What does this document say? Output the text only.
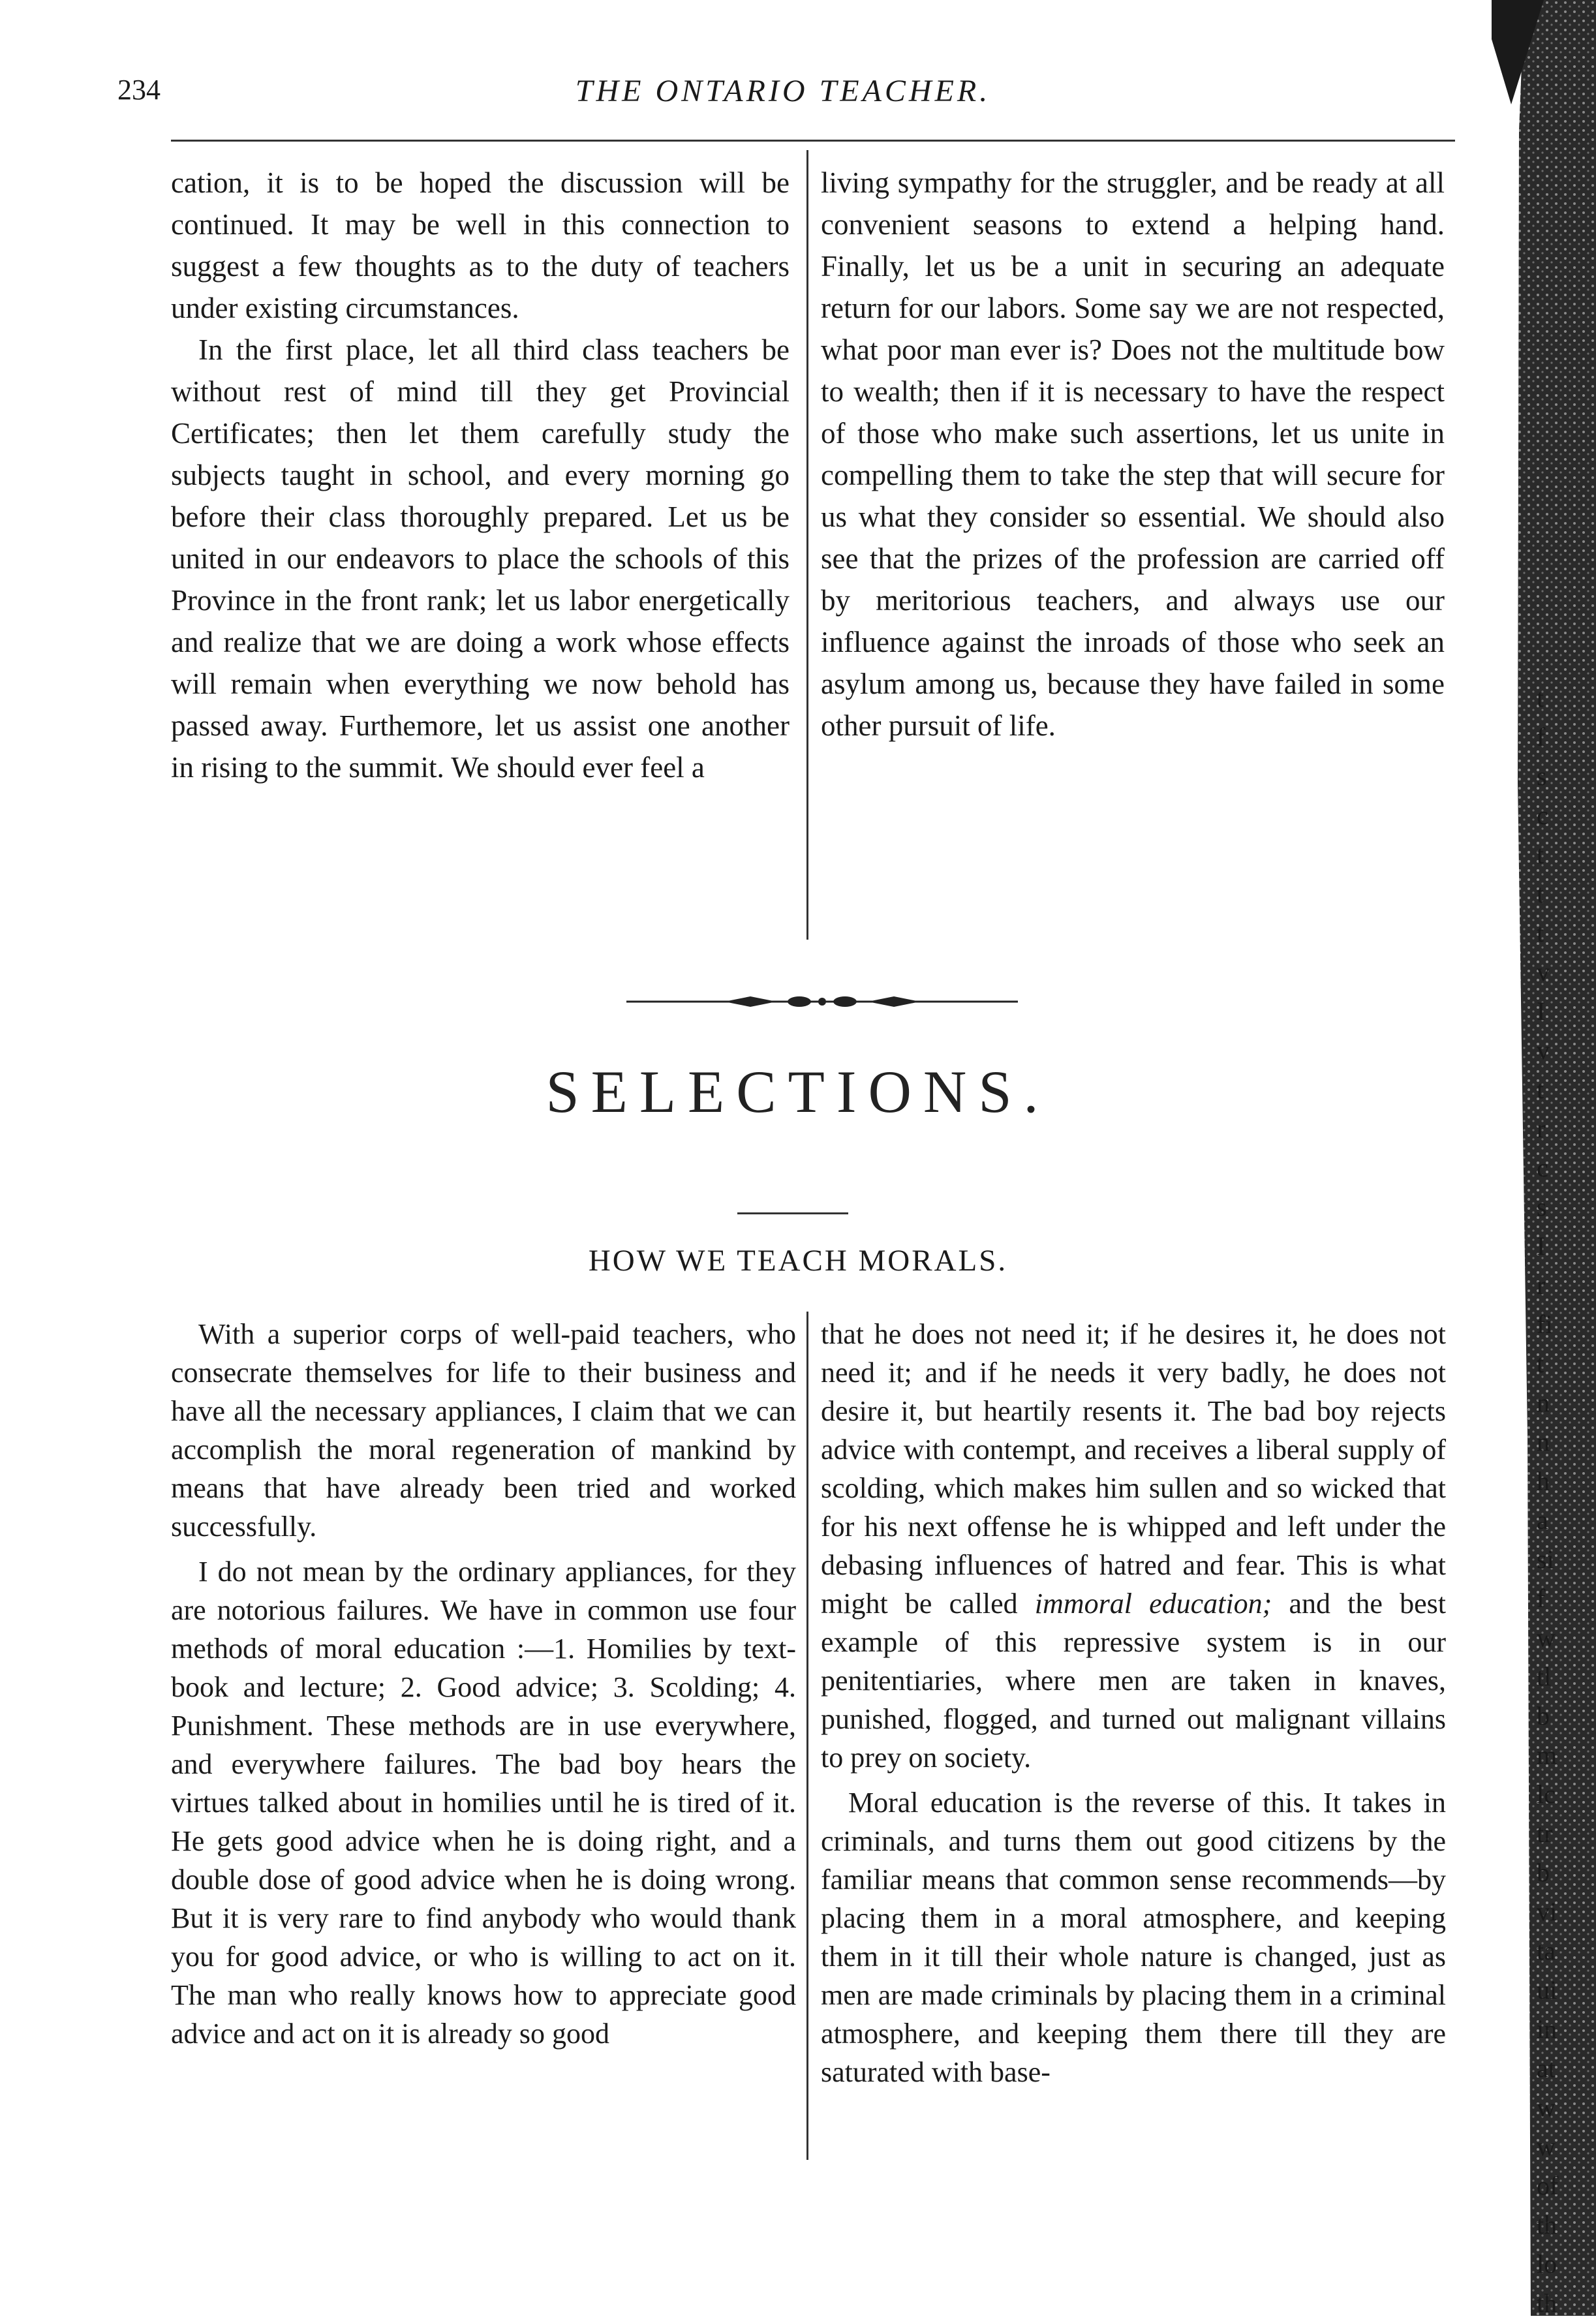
234	THE ONTARIO TEACHER.

cation, it is to be hoped the discussion will be continued. It may be well in this connection to suggest a few thoughts as to the duty of teachers under existing circumstances.

In the first place, let all third class teachers be without rest of mind till they get Provincial Certificates; then let them carefully study the subjects taught in school, and every morning go before their class thoroughly prepared. Let us be united in our endeavors to place the schools of this Province in the front rank; let us labor energetically and realize that we are doing a work whose effects will remain when everything we now behold has passed away. Furthemore, let us assist one another in rising to the summit. We should ever feel a

living sympathy for the struggler, and be ready at all convenient seasons to extend a helping hand. Finally, let us be a unit in securing an adequate return for our labors. Some say we are not respected, what poor man ever is? Does not the multitude bow to wealth; then if it is necessary to have the respect of those who make such assertions, let us unite in compelling them to take the step that will secure for us what they consider so essential. We should also see that the prizes of the profession are carried off by meritorious teachers, and always use our influence against the inroads of those who seek an asylum among us, because they have failed in some other pursuit of life.

SELECTIONS.
HOW WE TEACH MORALS.

With a superior corps of well-paid teachers, who consecrate themselves for life to their business and have all the necessary appliances, I claim that we can accomplish the moral regeneration of mankind by means that have already been tried and worked successfully.

I do not mean by the ordinary appliances, for they are notorious failures. We have in common use four methods of moral education :—1. Homilies by text-book and lecture; 2. Good advice; 3. Scolding; 4. Punishment. These methods are in use everywhere, and everywhere failures. The bad boy hears the virtues talked about in homilies until he is tired of it. He gets good advice when he is doing right, and a double dose of good advice when he is doing wrong. But it is very rare to find anybody who would thank you for good advice, or who is willing to act on it. The man who really knows how to appreciate good advice and act on it is already so good

that he does not need it; if he desires it, he does not need it; and if he needs it very badly, he does not desire it, but heartily resents it. The bad boy rejects advice with contempt, and receives a liberal supply of scolding, which makes him sullen and so wicked that for his next offense he is whipped and left under the debasing influences of hatred and fear. This is what might be called immoral education; and the best example of this repressive system is in our penitentiaries, where men are taken in knaves, punished, flogged, and turned out malignant villains to prey on society.

Moral education is the reverse of this. It takes in criminals, and turns them out good citizens by the familiar means that common sense recommends—by placing them in a moral atmosphere, and keeping them in it till their whole nature is changed, just as men are made criminals by placing them in a criminal atmosphere, and keeping them there till they are saturated with base-

t
f
s
c
t
t
t
v
I
v
t
r
c
s
I
r
fi
t
n
n
h
a
si
f
w
tl
b
m
lc
tr
b
vi
ta
ui
in
at
w
w
of
th
lo
th
